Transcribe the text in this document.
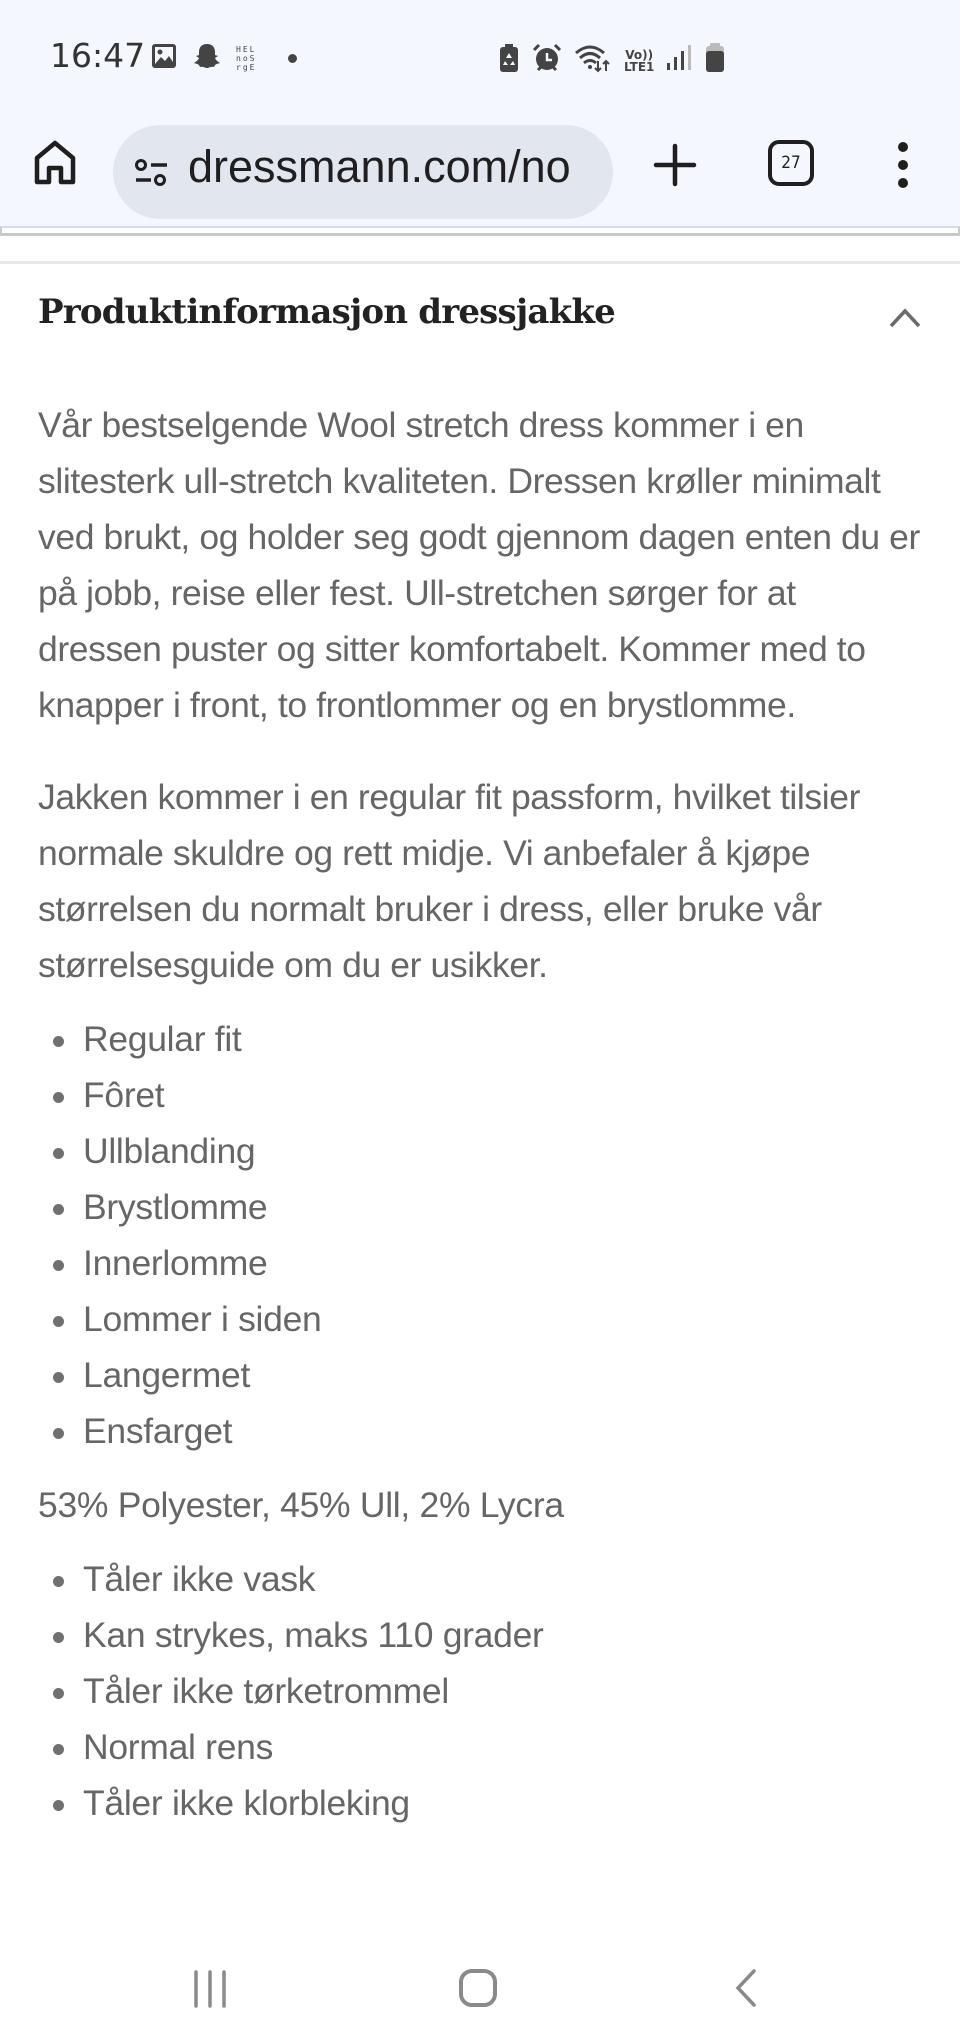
16:47	HEL
noS
rgE
Vo))
LTE1
dressmann.com/no	27
Produktinformasjon dressjakke

Vår bestselgende Wool stretch dress kommer i en slitesterk ull-stretch kvaliteten. Dressen krøller minimalt ved brukt, og holder seg godt gjennom dagen enten du er på jobb, reise eller fest. Ull-stretchen sørger for at dressen puster og sitter komfortabelt. Kommer med to knapper i front, to frontlommer og en brystlomme.

Jakken kommer i en regular fit passform, hvilket tilsier normale skuldre og rett midje. Vi anbefaler å kjøpe størrelsen du normalt bruker i dress, eller bruke vår størrelsesguide om du er usikker.

Regular fit
Fôret
Ullblanding
Brystlomme
Innerlomme
Lommer i siden
Langermet
Ensfarget

53% Polyester, 45% Ull, 2% Lycra

Tåler ikke vask
Kan strykes, maks 110 grader
Tåler ikke tørketrommel
Normal rens
Tåler ikke klorbleking
